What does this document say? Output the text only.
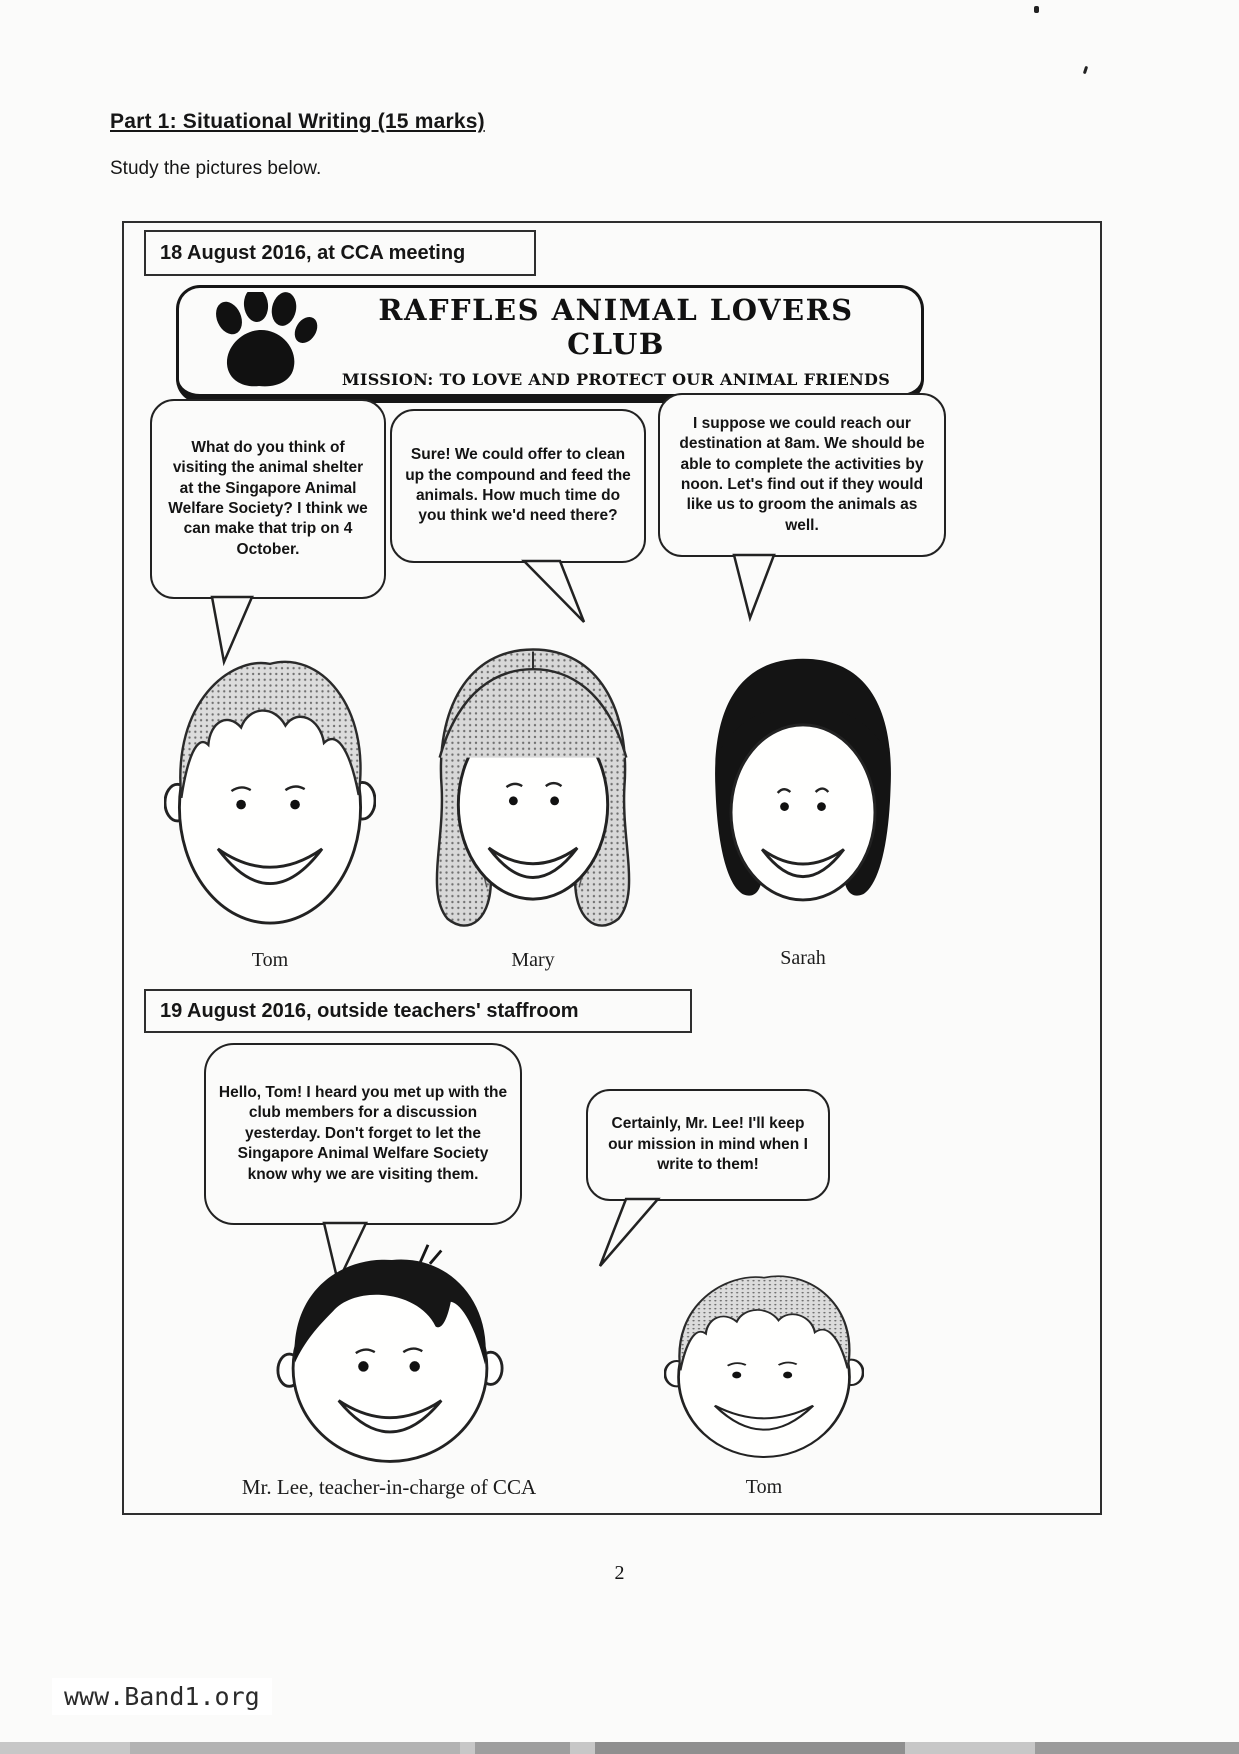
Part 1: Situational Writing (15 marks)
Study the pictures below.
18 August 2016, at CCA meeting
RAFFLES ANIMAL LOVERS CLUB
MISSION: TO LOVE AND PROTECT OUR ANIMAL FRIENDS
What do you think of visiting the animal shelter at the Singapore Animal Welfare Society? I think we can make that trip on 4 October.
Sure! We could offer to clean up the compound and feed the animals. How much time do you think we'd need there?
I suppose we could reach our destination at 8am. We should be able to complete the activities by noon. Let's find out if they would like us to groom the animals as well.
Tom	Mary	Sarah
19 August 2016, outside teachers' staffroom
Hello, Tom! I heard you met up with the club members for a discussion yesterday. Don't forget to let the Singapore Animal Welfare Society know why we are visiting them.
Certainly, Mr. Lee! I'll keep our mission in mind when I write to them!
Mr. Lee, teacher-in-charge of CCA	Tom
2
www.Band1.org
